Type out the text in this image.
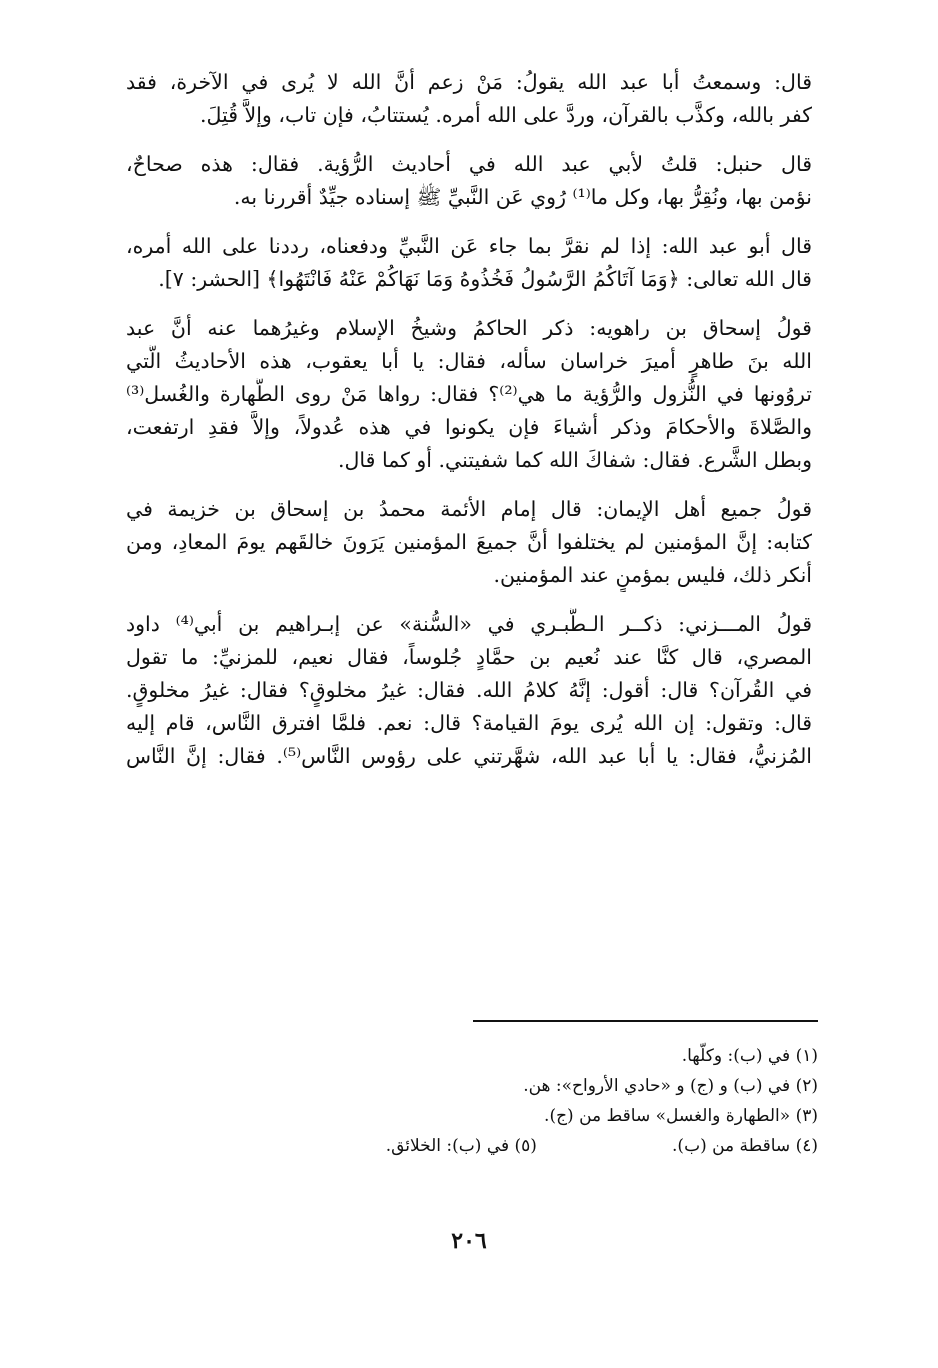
قال: وسمعتُ أبا عبد الله يقولُ: مَنْ زعم أنَّ الله لا يُرى في الآخرة، فقد
كفر بالله، وكذَّب بالقرآن، وردَّ على الله أمره. يُستتابُ، فإن تاب، وإلاَّ قُتِلَ.
قال حنبل: قلتُ لأبي عبد الله في أحاديث الرُّؤية. فقال: هذه صحاحٌ،
نؤمن بها، ونُقِرُّ بها، وكل ما⁽¹⁾ رُوي عَن النَّبيِّ ﷺ إسناده جيِّدٌ أقررنا به.
قال أبو عبد الله: إذا لم نقرَّ بما جاء عَن النَّبيِّ ودفعناه، رددنا على الله أمره،
قال الله تعالى: ﴿وَمَا آتَاكُمُ الرَّسُولُ فَخُذُوهُ وَمَا نَهَاكُمْ عَنْهُ فَانْتَهُوا﴾ [الحشر: ٧].
قولُ إسحاق بن راهويه: ذكر الحاكمُ وشيخُ الإسلام وغيرُهما عنه أنَّ عبد
الله بنَ طاهرٍ أميرَ خراسان سأله، فقال: يا أبا يعقوب، هذه الأحاديثُ الَّتي
تروُونها في النُّزول والرُّؤية ما هي⁽²⁾؟ فقال: رواها مَنْ روى الطَّهارة والغُسل⁽³⁾
والصَّلاةَ والأحكامَ وذكر أشياءَ فإن يكونوا في هذه عُدولاً، وإلاَّ فقدِ ارتفعت،
وبطل الشَّرع. فقال: شفاكَ الله كما شفيتني. أو كما قال.
قولُ جميع أهل الإيمان: قال إمام الأئمة محمدُ بن إسحاق بن خزيمة في
كتابه: إنَّ المؤمنين لم يختلفوا أنَّ جميعَ المؤمنين يَرَونَ خالقَهم يومَ المعادِ، ومن
أنكر ذلك، فليس بمؤمنٍ عند المؤمنين.
قولُ المـــزني: ذكــر الـطَّبـري في «السُّنة» عن إبـراهيم بن أبي⁽⁴⁾ داود
المصري، قال كنَّا عند نُعيم بن حمَّادٍ جُلوساً، فقال نعيم، للمزنيِّ: ما تقول
في القُرآن؟ قال: أقول: إنَّهُ كلامُ الله. فقال: غيرُ مخلوقٍ؟ فقال: غيرُ مخلوقٍ.
قال: وتقول: إن الله يُرى يومَ القيامة؟ قال: نعم. فلمَّا افترق النَّاس، قام إليه
المُزنيُّ، فقال: يا أبا عبد الله، شهَّرتني على رؤوس النَّاس⁽⁵⁾. فقال: إنَّ النَّاس
(١) في (ب): وكلّها.
(٢) في (ب) و (ج) و «حادي الأرواح»: هن.
(٣) «الطهارة والغسل» ساقط من (ج).
(٤) ساقطة من (ب). (٥) في (ب): الخلائق.
٢٠٦
